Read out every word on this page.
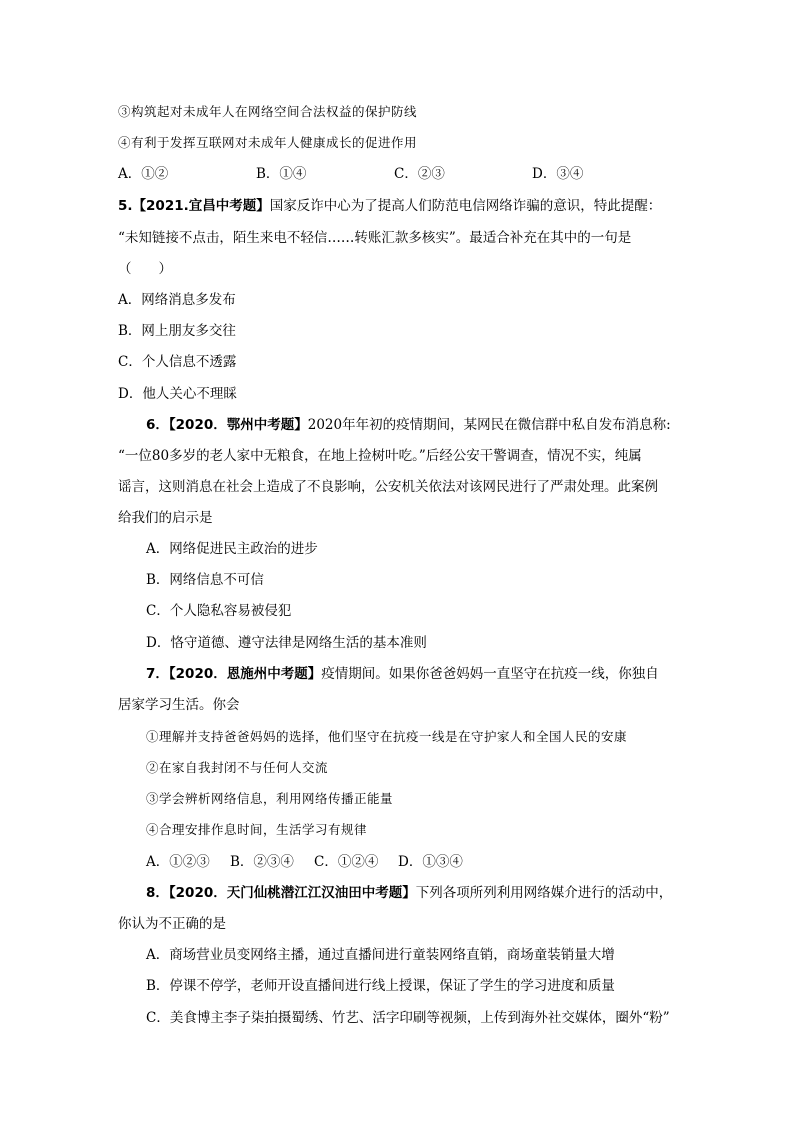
③构筑起对未成年人在网络空间合法权益的保护防线
④有利于发挥互联网对未成年人健康成长的促进作用
A．①②	B．①④	C．②③	D．③④
5.【2021.宜昌中考题】国家反诈中心为了提高人们防范电信网络诈骗的意识，特此提醒：
“未知链接不点击，陌生来电不轻信……转账汇款多核实”。最适合补充在其中的一句是
（　　）
A．网络消息多发布
B．网上朋友多交往
C．个人信息不透露
D．他人关心不理睬
6．【2020．鄂州中考题】2020年年初的疫情期间，某网民在微信群中私自发布消息称:
“一位80多岁的老人家中无粮食，在地上捡树叶吃。”后经公安干警调查，情况不实，纯属
谣言，这则消息在社会上造成了不良影响，公安机关依法对该网民进行了严肃处理。此案例
给我们的启示是
A．网络促进民主政治的进步
B．网络信息不可信
C．个人隐私容易被侵犯
D．恪守道德、遵守法律是网络生活的基本准则
7．【2020．恩施州中考题】疫情期间。如果你爸爸妈妈一直坚守在抗疫一线，你独自
居家学习生活。你会
①理解并支持爸爸妈妈的选择，他们坚守在抗疫一线是在守护家人和全国人民的安康
②在家自我封闭不与任何人交流
③学会辨析网络信息，利用网络传播正能量
④合理安排作息时间，生活学习有规律
A．①②③ B．②③④ C．①②④ D．①③④
8．【2020．天门仙桃潜江江汉油田中考题】下列各项所列利用网络媒介进行的活动中，
你认为不正确的是
A．商场营业员变网络主播，通过直播间进行童装网络直销，商场童装销量大增
B．停课不停学，老师开设直播间进行线上授课，保证了学生的学习进度和质量
C．美食博主李子柒拍摄蜀绣、竹艺、活字印刷等视频，上传到海外社交媒体，圈外“粉”
